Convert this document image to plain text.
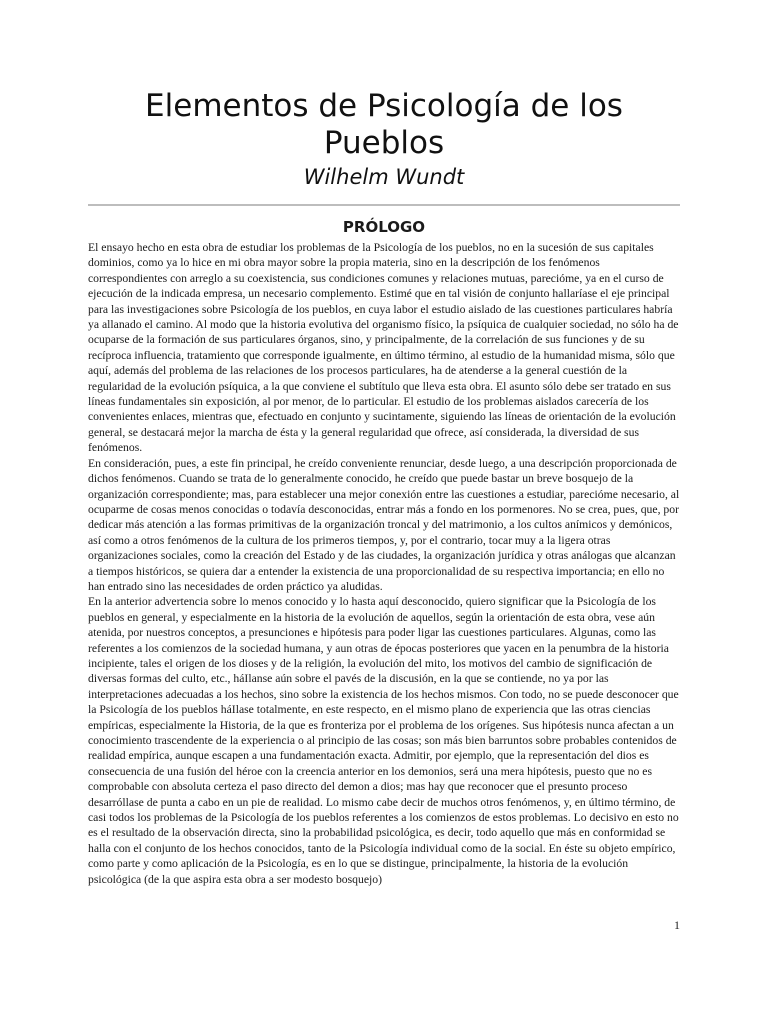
Elementos de Psicología de los Pueblos
Wilhelm Wundt
PRÓLOGO

El ensayo hecho en esta obra de estudiar los problemas de la Psicología de los pueblos, no en la sucesión de sus capitales dominios, como ya lo hice en mi obra mayor sobre la propia materia, sino en la descripción de los fenómenos correspondientes con arreglo a su coexistencia, sus condiciones comunes y relaciones mutuas, parecióme, ya en el curso de ejecución de la indicada empresa, un necesario complemento. Estimé que en tal visión de conjunto hallaríase el eje principal para las investigaciones sobre Psicología de los pueblos, en cuya labor el estudio aislado de las cuestiones particulares habría ya allanado el camino. Al modo que la historia evolutiva del organismo físico, la psíquica de cualquier sociedad, no sólo ha de ocuparse de la formación de sus particulares órganos, sino, y principalmente, de la correlación de sus funciones y de su recíproca influencia, tratamiento que corresponde igualmente, en último término, al estudio de la humanidad misma, sólo que aquí, además del problema de las relaciones de los procesos particulares, ha de atenderse a la general cuestión de la regularidad de la evolución psíquica, a la que conviene el subtítulo que lleva esta obra. El asunto sólo debe ser tratado en sus líneas fundamentales sin exposición, al por menor, de lo particular. El estudio de los problemas aislados carecería de los convenientes enlaces, mientras que, efectuado en conjunto y sucintamente, siguiendo las líneas de orientación de la evolución general, se destacará mejor la marcha de ésta y la general regularidad que ofrece, así considerada, la diversidad de sus fenómenos.

En consideración, pues, a este fin principal, he creído conveniente renunciar, desde luego, a una descripción proporcionada de dichos fenómenos. Cuando se trata de lo generalmente conocido, he creído que puede bastar un breve bosquejo de la organización correspondiente; mas, para establecer una mejor conexión entre las cuestiones a estudiar, parecióme necesario, al ocuparme de cosas menos conocidas o todavía desconocidas, entrar más a fondo en los pormenores. No se crea, pues, que, por dedicar más atención a las formas primitivas de la organización troncal y del matrimonio, a los cultos anímicos y demónicos, así como a otros fenómenos de la cultura de los primeros tiempos, y, por el contrario, tocar muy a la ligera otras organizaciones sociales, como la creación del Estado y de las ciudades, la organización jurídica y otras análogas que alcanzan a tiempos históricos, se quiera dar a entender la existencia de una proporcionalidad de su respectiva importancia; en ello no han entrado sino las necesidades de orden práctico ya aludidas.

En la anterior advertencia sobre lo menos conocido y lo hasta aquí desconocido, quiero significar que la Psicología de los pueblos en general, y especialmente en la historia de la evolución de aquellos, según la orientación de esta obra, vese aún atenida, por nuestros conceptos, a presunciones e hipótesis para poder ligar las cuestiones particulares. Algunas, como las referentes a los comienzos de la sociedad humana, y aun otras de épocas posteriores que yacen en la penumbra de la historia incipiente, tales el origen de los dioses y de la religión, la evolución del mito, los motivos del cambio de significación de diversas formas del culto, etc., háIlanse aún sobre el pavés de la discusión, en la que se contiende, no ya por las interpretaciones adecuadas a los hechos, sino sobre la existencia de los hechos mismos. Con todo, no se puede desconocer que la Psicología de los pueblos háIlase totalmente, en este respecto, en el mismo plano de experiencia que las otras ciencias empíricas, especialmente la Historia, de la que es fronteriza por el problema de los orígenes. Sus hipótesis nunca afectan a un conocimiento trascendente de la experiencia o al principio de las cosas; son más bien barruntos sobre probables contenidos de realidad empírica, aunque escapen a una fundamentación exacta. Admitir, por ejemplo, que la representación del dios es consecuencia de una fusión del héroe con la creencia anterior en los demonios, será una mera hipótesis, puesto que no es comprobable con absoluta certeza el paso directo del demon a dios; mas hay que reconocer que el presunto proceso desarróllase de punta a cabo en un pie de realidad. Lo mismo cabe decir de muchos otros fenómenos, y, en último término, de casi todos los problemas de la Psicología de los pueblos referentes a los comienzos de estos problemas. Lo decisivo en esto no es el resultado de la observación directa, sino la probabilidad psicológica, es decir, todo aquello que más en conformidad se halla con el conjunto de los hechos conocidos, tanto de la Psicología individual como de la social. En éste su objeto empírico, como parte y como aplicación de la Psicología, es en lo que se distingue, principalmente, la historia de la evolución psicológica (de la que aspira esta obra a ser modesto bosquejo)

1
